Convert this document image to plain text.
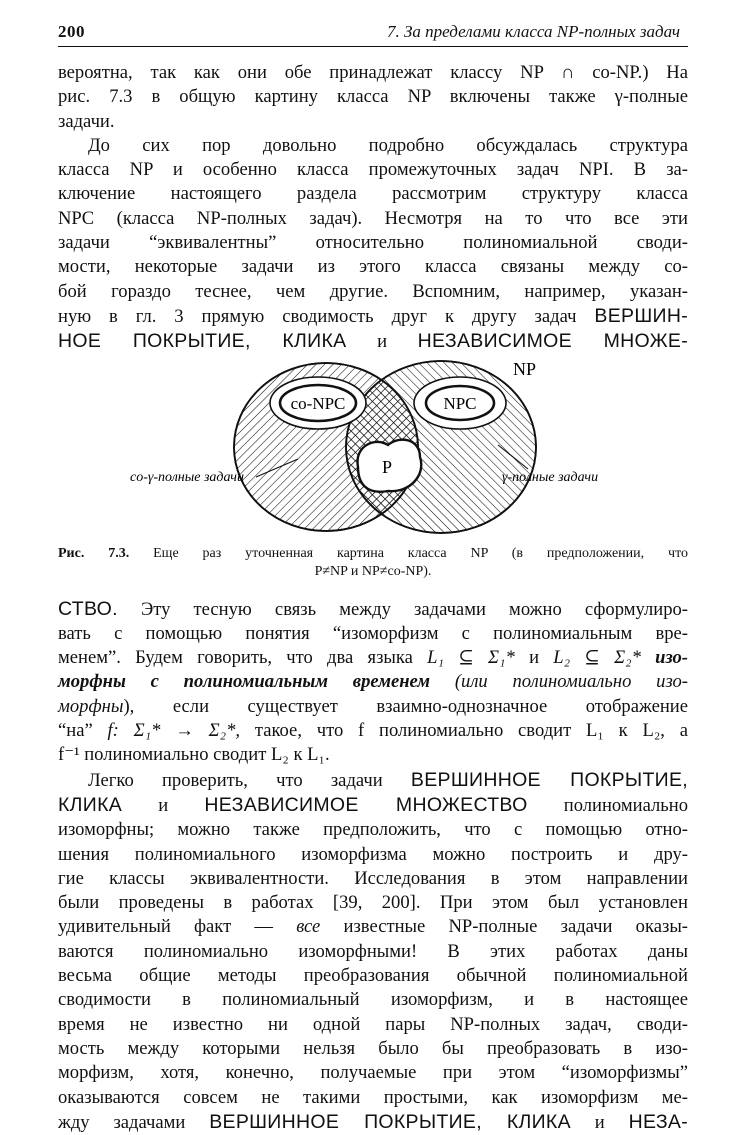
200	7. За пределами класса NP-полных задач

вероятна, так как они обе принадлежат классу NP ∩ co-NP.) На
рис. 7.3 в общую картину класса NP включены также γ-полные
задачи.

До сих пор довольно подробно обсуждалась структура
класса NP и особенно класса промежуточных задач NPI. В за-
ключение настоящего раздела рассмотрим структуру класса
NPC (класса NP-полных задач). Несмотря на то что все эти
задачи “эквивалентны” относительно полиномиальной своди-
мости, некоторые задачи из этого класса связаны между со-
бой гораздо теснее, чем другие. Вспомним, например, указан-
ную в гл. 3 прямую сводимость друг к другу задач ВЕРШИН-
НОЕ ПОКРЫТИЕ, КЛИКА и НЕЗАВИСИМОЕ МНОЖЕ-

NP
co-NPC	NPC
P
co-γ-полные задачи	γ-полные задачи
Рис. 7.3. Еще раз уточненная картина класса NP (в предположении, что
P≠NP и NP≠co-NP).

СТВО. Эту тесную связь между задачами можно сформулиро-
вать с помощью понятия “изоморфизм с полиномиальным вре-
менем”. Будем говорить, что два языка L₁ ⊆ Σ₁* и L₂ ⊆ Σ₂* изо-
морфны с полиномиальным временем (или полиномиально изо-
морфны), если существует взаимно-однозначное отображение
“на” f: Σ₁* → Σ₂*, такое, что f полиномиально сводит L₁ к L₂, а
f⁻¹ полиномиально сводит L₂ к L₁.

Легко проверить, что задачи ВЕРШИННОЕ ПОКРЫТИЕ,
КЛИКА и НЕЗАВИСИМОЕ МНОЖЕСТВО полиномиально
изоморфны; можно также предположить, что с помощью отно-
шения полиномиального изоморфизма можно построить и дру-
гие классы эквивалентности. Исследования в этом направлении
были проведены в работах [39, 200]. При этом был установлен
удивительный факт — все известные NP-полные задачи оказы-
ваются полиномиально изоморфными! В этих работах даны
весьма общие методы преобразования обычной полиномиальной
сводимости в полиномиальный изоморфизм, и в настоящее
время не известно ни одной пары NP-полных задач, своди-
мость между которыми нельзя было бы преобразовать в изо-
морфизм, хотя, конечно, получаемые при этом “изоморфизмы”
оказываются совсем не такими простыми, как изоморфизм ме-
жду задачами ВЕРШИННОЕ ПОКРЫТИЕ, КЛИКА и НЕЗА-
